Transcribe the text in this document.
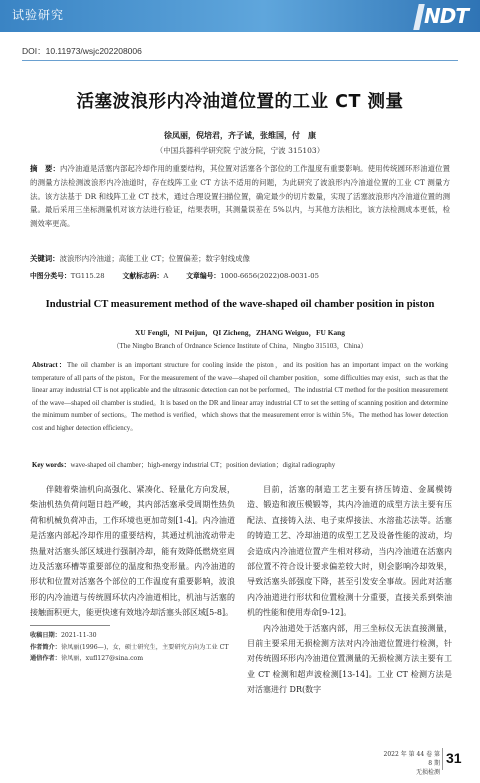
试验研究	NDT
DOI：10.11973/wsjc202208006
活塞波浪形内冷油道位置的工业 CT 测量
徐凤丽，倪培君，齐子诚，张维国，付　康
（中国兵器科学研究院 宁波分院，宁波 315103）
摘　要：内冷油道是活塞内部起冷却作用的重要结构，其位置对活塞各个部位的工作温度有重要影响。使用传统圆环形油道位置的测量方法检测波浪形内冷油道时，存在线阵工业 CT 方法不适用的问题，为此研究了波浪形内冷油道位置的工业 CT 测量方法。该方法基于 DR 和线阵工业 CT 技术，通过合理设置扫描位置，确定最少的切片数量，实现了活塞波浪形内冷油道位置的测量。最后采用三坐标测量机对该方法进行验证，结果表明，其测量误差在 5%以内，与其他方法相比，该方法检测成本更低，检测效率更高。
关键词：波浪形内冷油道；高能工业 CT；位置偏差；数字射线成像
中图分类号：TG115.28	文献标志码：A	文章编号：1000-6656(2022)08-0031-05
Industrial CT measurement method of the wave-shaped oil chamber position in piston
XU Fengli，NI Peijun，QI Zicheng，ZHANG Weiguo，FU Kang
（The Ningbo Branch of Ordnance Science Institute of China，Ningbo 315103，China）
Abstract：The oil chamber is an important structure for cooling inside the piston，and its position has an important impact on the working temperature of all parts of the piston。For the measurement of the wave—shaped oil chamber position，some difficulties may exist，such as that the linear array industrial CT is not applicable and the ultrasonic detection can not be performed。The industrial CT method for the position measurement of the wave—shaped oil chamber is studied。It is based on the DR and linear array industrial CT to set the setting of scanning position and determine the minimum number of sections。The method is verified，which shows that the measurement error is within 5%。The method has lower detection cost and higher detection efficiency。
Key words：wave-shaped oil chamber；high-energy industrial CT；position deviation；digital radiography

伴随着柴油机向高强化、紧凑化、轻量化方向发展，柴油机热负荷问题日趋严峻，其内部活塞承受周期性热负荷和机械负荷冲击，工作环境也更加苛刻[1-4]。内冷油道是活塞内部起冷却作用的重要结构，其通过机油流动带走热量对活塞头部区域进行强制冷却，能有效降低燃烧室周边及活塞环槽等重要部位的温度和热变形量。内冷油道的形状和位置对活塞各个部位的工作温度有重要影响，波浪形的内冷油道与传统圆环状内冷油道相比，机油与活塞的接触面积更大，能更快速有效地冷却活塞头部区域[5-8]。

目前，活塞的制造工艺主要有挤压铸造、金属模铸造、锻造和液压模锻等，其内冷油道的成型方法主要有压配法、直接铸入法、电子束焊接法、水溶盐芯法等。活塞的铸造工艺、冷却油道的成型工艺及设备性能的波动，均会造成内冷油道位置产生相对移动，当内冷油道在活塞内部位置不符合设计要求偏差较大时，则会影响冷却效果，导致活塞头部强度下降，甚至引发安全事故。因此对活塞内冷油道进行形状和位置检测十分重要，直接关系到柴油机的性能和使用寿命[9-12]。

内冷油道处于活塞内部，用三坐标仪无法直接测量，目前主要采用无损检测方法对内冷油道位置进行检测，针对传统圆环形内冷油道位置测量的无损检测方法主要有工业 CT 检测和超声波检测[13-14]。工业 CT 检测方法是对活塞进行 DR(数字

收稿日期：2021-11-30
作者简介：徐凤丽(1996—)，女，硕士研究生，主要研究方向为工业 CT
通信作者：徐凤丽，xufl127@sina.com
2022 年 第 44 卷 第 8 期
无损检测
31
